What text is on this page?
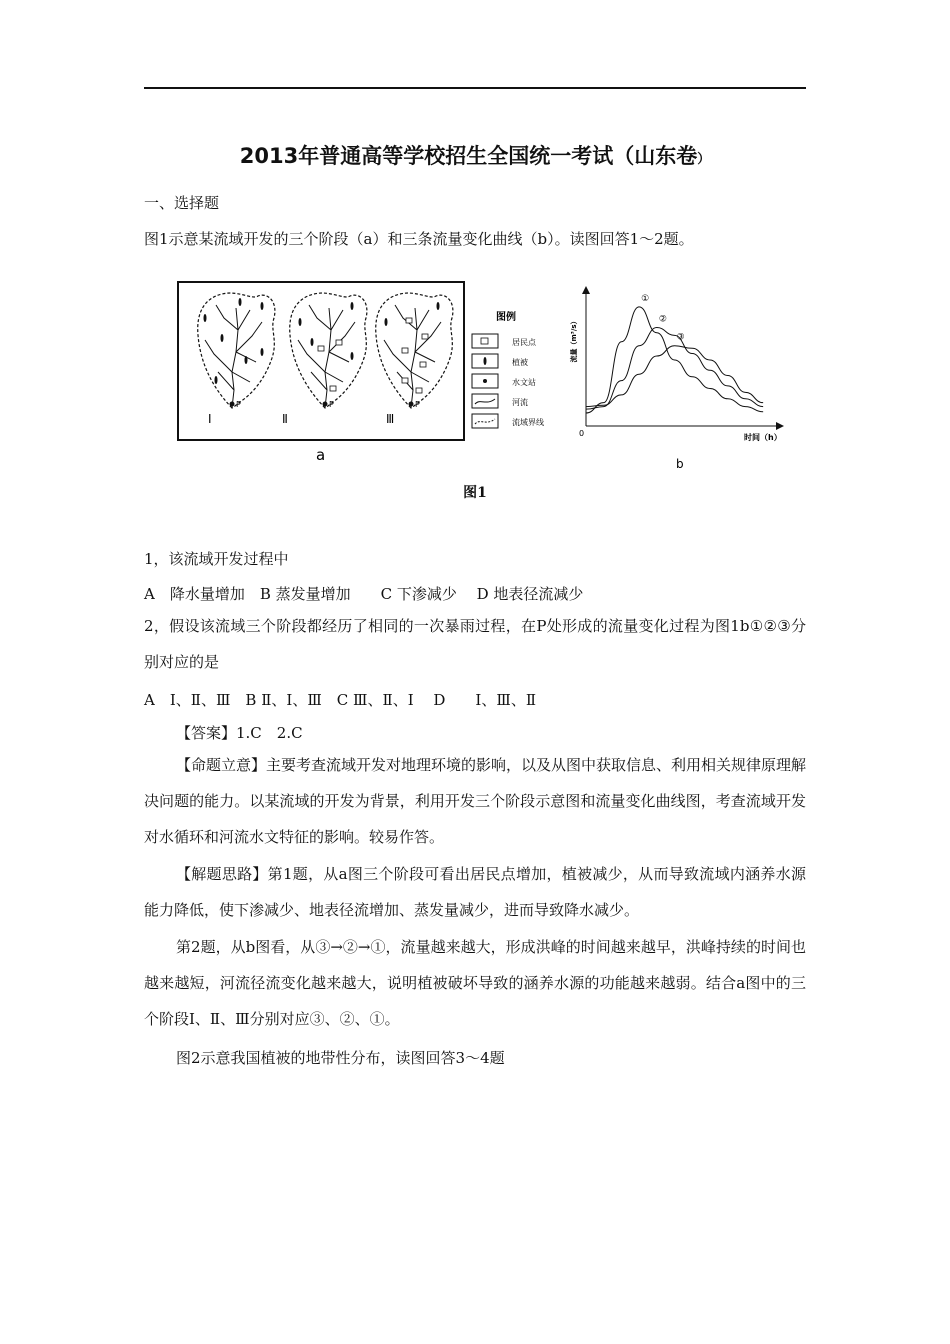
2013年普通高等学校招生全国统一考试（山东卷）
一、选择题
图1示意某流域开发的三个阶段（a）和三条流量变化曲线（b）。读图回答1～2题。
P
Ⅰ
P
Ⅱ
P
Ⅲ
a
图例
居民点
植被
水文站
河流
流域界线
流量（m³/s）
时间（h）
0
①
②
③
b
图1
1，该流域开发过程中
A　降水量增加　B 蒸发量增加　　C 下渗减少　 D 地表径流减少
2，假设该流域三个阶段都经历了相同的一次暴雨过程，在P处形成的流量变化过程为图1b①②③分别对应的是
A　Ⅰ、Ⅱ、Ⅲ　B Ⅱ、Ⅰ、Ⅲ　C Ⅲ、Ⅱ、Ⅰ　 D　　Ⅰ、Ⅲ、Ⅱ
【答案】1.C　2.C
【命题立意】主要考查流域开发对地理环境的影响，以及从图中获取信息、利用相关规律原理解决问题的能力。以某流域的开发为背景，利用开发三个阶段示意图和流量变化曲线图，考查流域开发对水循环和河流水文特征的影响。较易作答。
【解题思路】第1题，从a图三个阶段可看出居民点增加，植被减少，从而导致流域内涵养水源能力降低，使下渗减少、地表径流增加、蒸发量减少，进而导致降水减少。
第2题，从b图看，从③→②→①，流量越来越大，形成洪峰的时间越来越早，洪峰持续的时间也越来越短，河流径流变化越来越大，说明植被破坏导致的涵养水源的功能越来越弱。结合a图中的三个阶段Ⅰ、Ⅱ、Ⅲ分别对应③、②、①。
图2示意我国植被的地带性分布，读图回答3～4题
